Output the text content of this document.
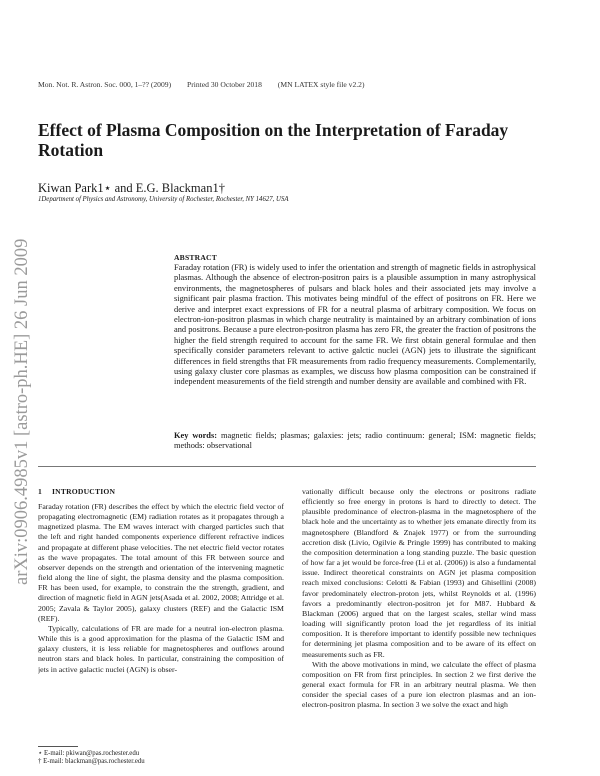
Mon. Not. R. Astron. Soc. 000, 1–?? (2009) Printed 30 October 2018 (MN LATEX style file v2.2)
Effect of Plasma Composition on the Interpretation of Faraday Rotation
Kiwan Park1⋆ and E.G. Blackman1†
1Department of Physics and Astronomy, University of Rochester, Rochester, NY 14627, USA
arXiv:0906.4985v1 [astro-ph.HE] 26 Jun 2009	ABSTRACT
Faraday rotation (FR) is widely used to infer the orientation and strength of magnetic fields in astrophysical plasmas. Although the absence of electron-positron pairs is a plausible assumption in many astrophysical environments, the magnetospheres of pulsars and black holes and their associated jets may involve a significant pair plasma fraction. This motivates being mindful of the effect of positrons on FR. Here we derive and interpret exact expressions of FR for a neutral plasma of arbitrary composition. We focus on electron-ion-positron plasmas in which charge neutrality is maintained by an arbitrary combination of ions and positrons. Because a pure electron-positron plasma has zero FR, the greater the fraction of positrons the higher the field strength required to account for the same FR. We first obtain general formulae and then specifically consider parameters relevant to active galctic nuclei (AGN) jets to illustrate the significant differences in field strengths that FR measurements from radio frequency measurements. Complementarily, using galaxy cluster core plasmas as examples, we discuss how plasma composition can be constrained if independent measurements of the field strength and number density are available and combined with FR.
Key words: magnetic fields; plasmas; galaxies: jets; radio continuum: general; ISM: magnetic fields; methods: observational
1 INTRODUCTION

Faraday rotation (FR) describes the effect by which the electric field vector of propagating electromagnetic (EM) radiation rotates as it propagates through a magnetized plasma. The EM waves interact with charged particles such that the left and right handed components experience different refractive indices and propagate at different phase velocities. The net electric field vector rotates as the wave propagates. The total amount of this FR between source and observer depends on the strength and orientation of the intervening magnetic field along the line of sight, the plasma density and the plasma composition. FR has been used, for example, to constrain the the strength, gradient, and direction of magnetic field in AGN jets(Asada et al. 2002, 2008; Attridge et al. 2005; Zavala & Taylor 2005), galaxy clusters (REF) and the Galactic ISM (REF).

Typically, calculations of FR are made for a neutral ion-electron plasma. While this is a good approximation for the plasma of the Galactic ISM and galaxy clusters, it is less reliable for magnetospheres and outflows around neutron stars and black holes. In particular, constraining the composition of jets in active galactic nuclei (AGN) is obser-

vationally difficult because only the electrons or positrons radiate efficiently so free energy in protons is hard to directly to detect. The plausible predominance of electron-plasma in the magnetosphere of the black hole and the uncertainty as to whether jets emanate directly from its magnetosphere (Blandford & Znajek 1977) or from the surrounding accretion disk (Livio, Ogilvie & Pringle 1999) has contributed to making the composition determination a long standing puzzle. The basic question of how far a jet would be force-free (Li et al. (2006)) is also a fundamental issue. Indirect theoretical constraints on AGN jet plasma composition reach mixed conclusions: Celotti & Fabian (1993) and Ghisellini (2008) favor predominately electron-proton jets, whilst Reynolds et al. (1996) favors a predominantly electron-positron jet for M87. Hubbard & Blackman (2006) argued that on the largest scales, stellar wind mass loading will significantly proton load the jet regardless of its initial composition. It is therefore important to identify possible new techniques for determining jet plasma composition and to be aware of its effect on measurements such as FR.

With the above motivations in mind, we calculate the effect of plasma composition on FR from first principles. In section 2 we first derive the general exact formula for FR in an arbitrary neutral plasma. We then consider the special cases of a pure ion electron plasmas and an ion-electron-positron plasma. In section 3 we solve the exact and high

⋆ E-mail: pkiwan@pas.rochester.edu
† E-mail: blackman@pas.rochester.edu
